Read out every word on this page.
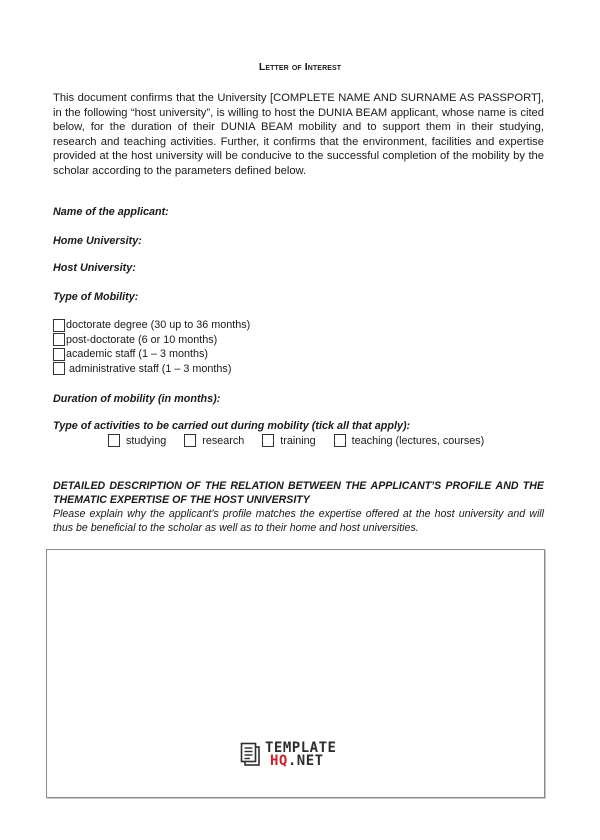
Letter of Interest
This document confirms that the University [COMPLETE NAME AND SURNAME AS PASSPORT], in the following “host university”, is willing to host the DUNIA BEAM applicant, whose name is cited below, for the duration of their DUNIA BEAM mobility and to support them in their studying, research and teaching activities. Further, it confirms that the environment, facilities and expertise provided at the host university will be conducive to the successful completion of the mobility by the scholar according to the parameters defined below.
Name of the applicant:
Home University:
Host University:
Type of Mobility:
doctorate degree (30 up to 36 months)
post-doctorate (6 or 10 months)
academic staff (1 – 3 months)
administrative staff (1 – 3 months)
Duration of mobility (in months):
Type of activities to be carried out during mobility (tick all that apply):
studying	research	training	teaching (lectures, courses)
DETAILED DESCRIPTION OF THE RELATION BETWEEN THE APPLICANT’S PROFILE AND THE
THEMATIC EXPERTISE OF THE HOST UNIVERSITY
Please explain why the applicant’s profile matches the expertise offered at the host university and will thus be beneficial to the scholar as well as to their home and host universities.
TEMPLATE
HQ.NET
